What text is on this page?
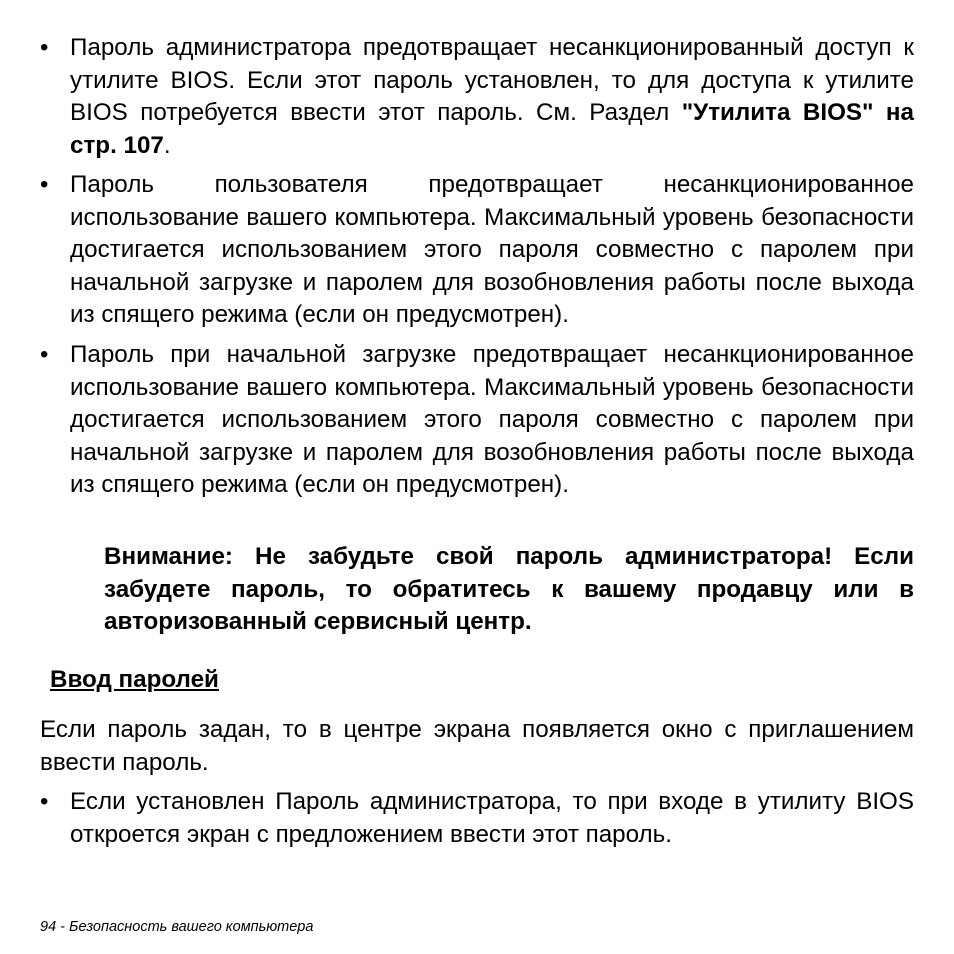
• Пароль администратора предотвращает несанкционированный доступ к утилите BIOS. Если этот пароль установлен, то для доступа к утилите BIOS потребуется ввести этот пароль. См. Раздел "Утилита BIOS" на стр. 107.
• Пароль пользователя предотвращает несанкционированное использование вашего компьютера. Максимальный уровень безопасности достигается использованием этого пароля совместно с паролем при начальной загрузке и паролем для возобновления работы после выхода из спящего режима (если он предусмотрен).
• Пароль при начальной загрузке предотвращает несанкционированное использование вашего компьютера. Максимальный уровень безопасности достигается использованием этого пароля совместно с паролем при начальной загрузке и паролем для возобновления работы после выхода из спящего режима (если он предусмотрен).
Внимание: Не забудьте свой пароль администратора! Если забудете пароль, то обратитесь к вашему продавцу или в авторизованный сервисный центр.
Ввод паролей
Если пароль задан, то в центре экрана появляется окно с приглашением ввести пароль.
• Если установлен Пароль администратора, то при входе в утилиту BIOS откроется экран с предложением ввести этот пароль.
94 - Безопасность вашего компьютера
